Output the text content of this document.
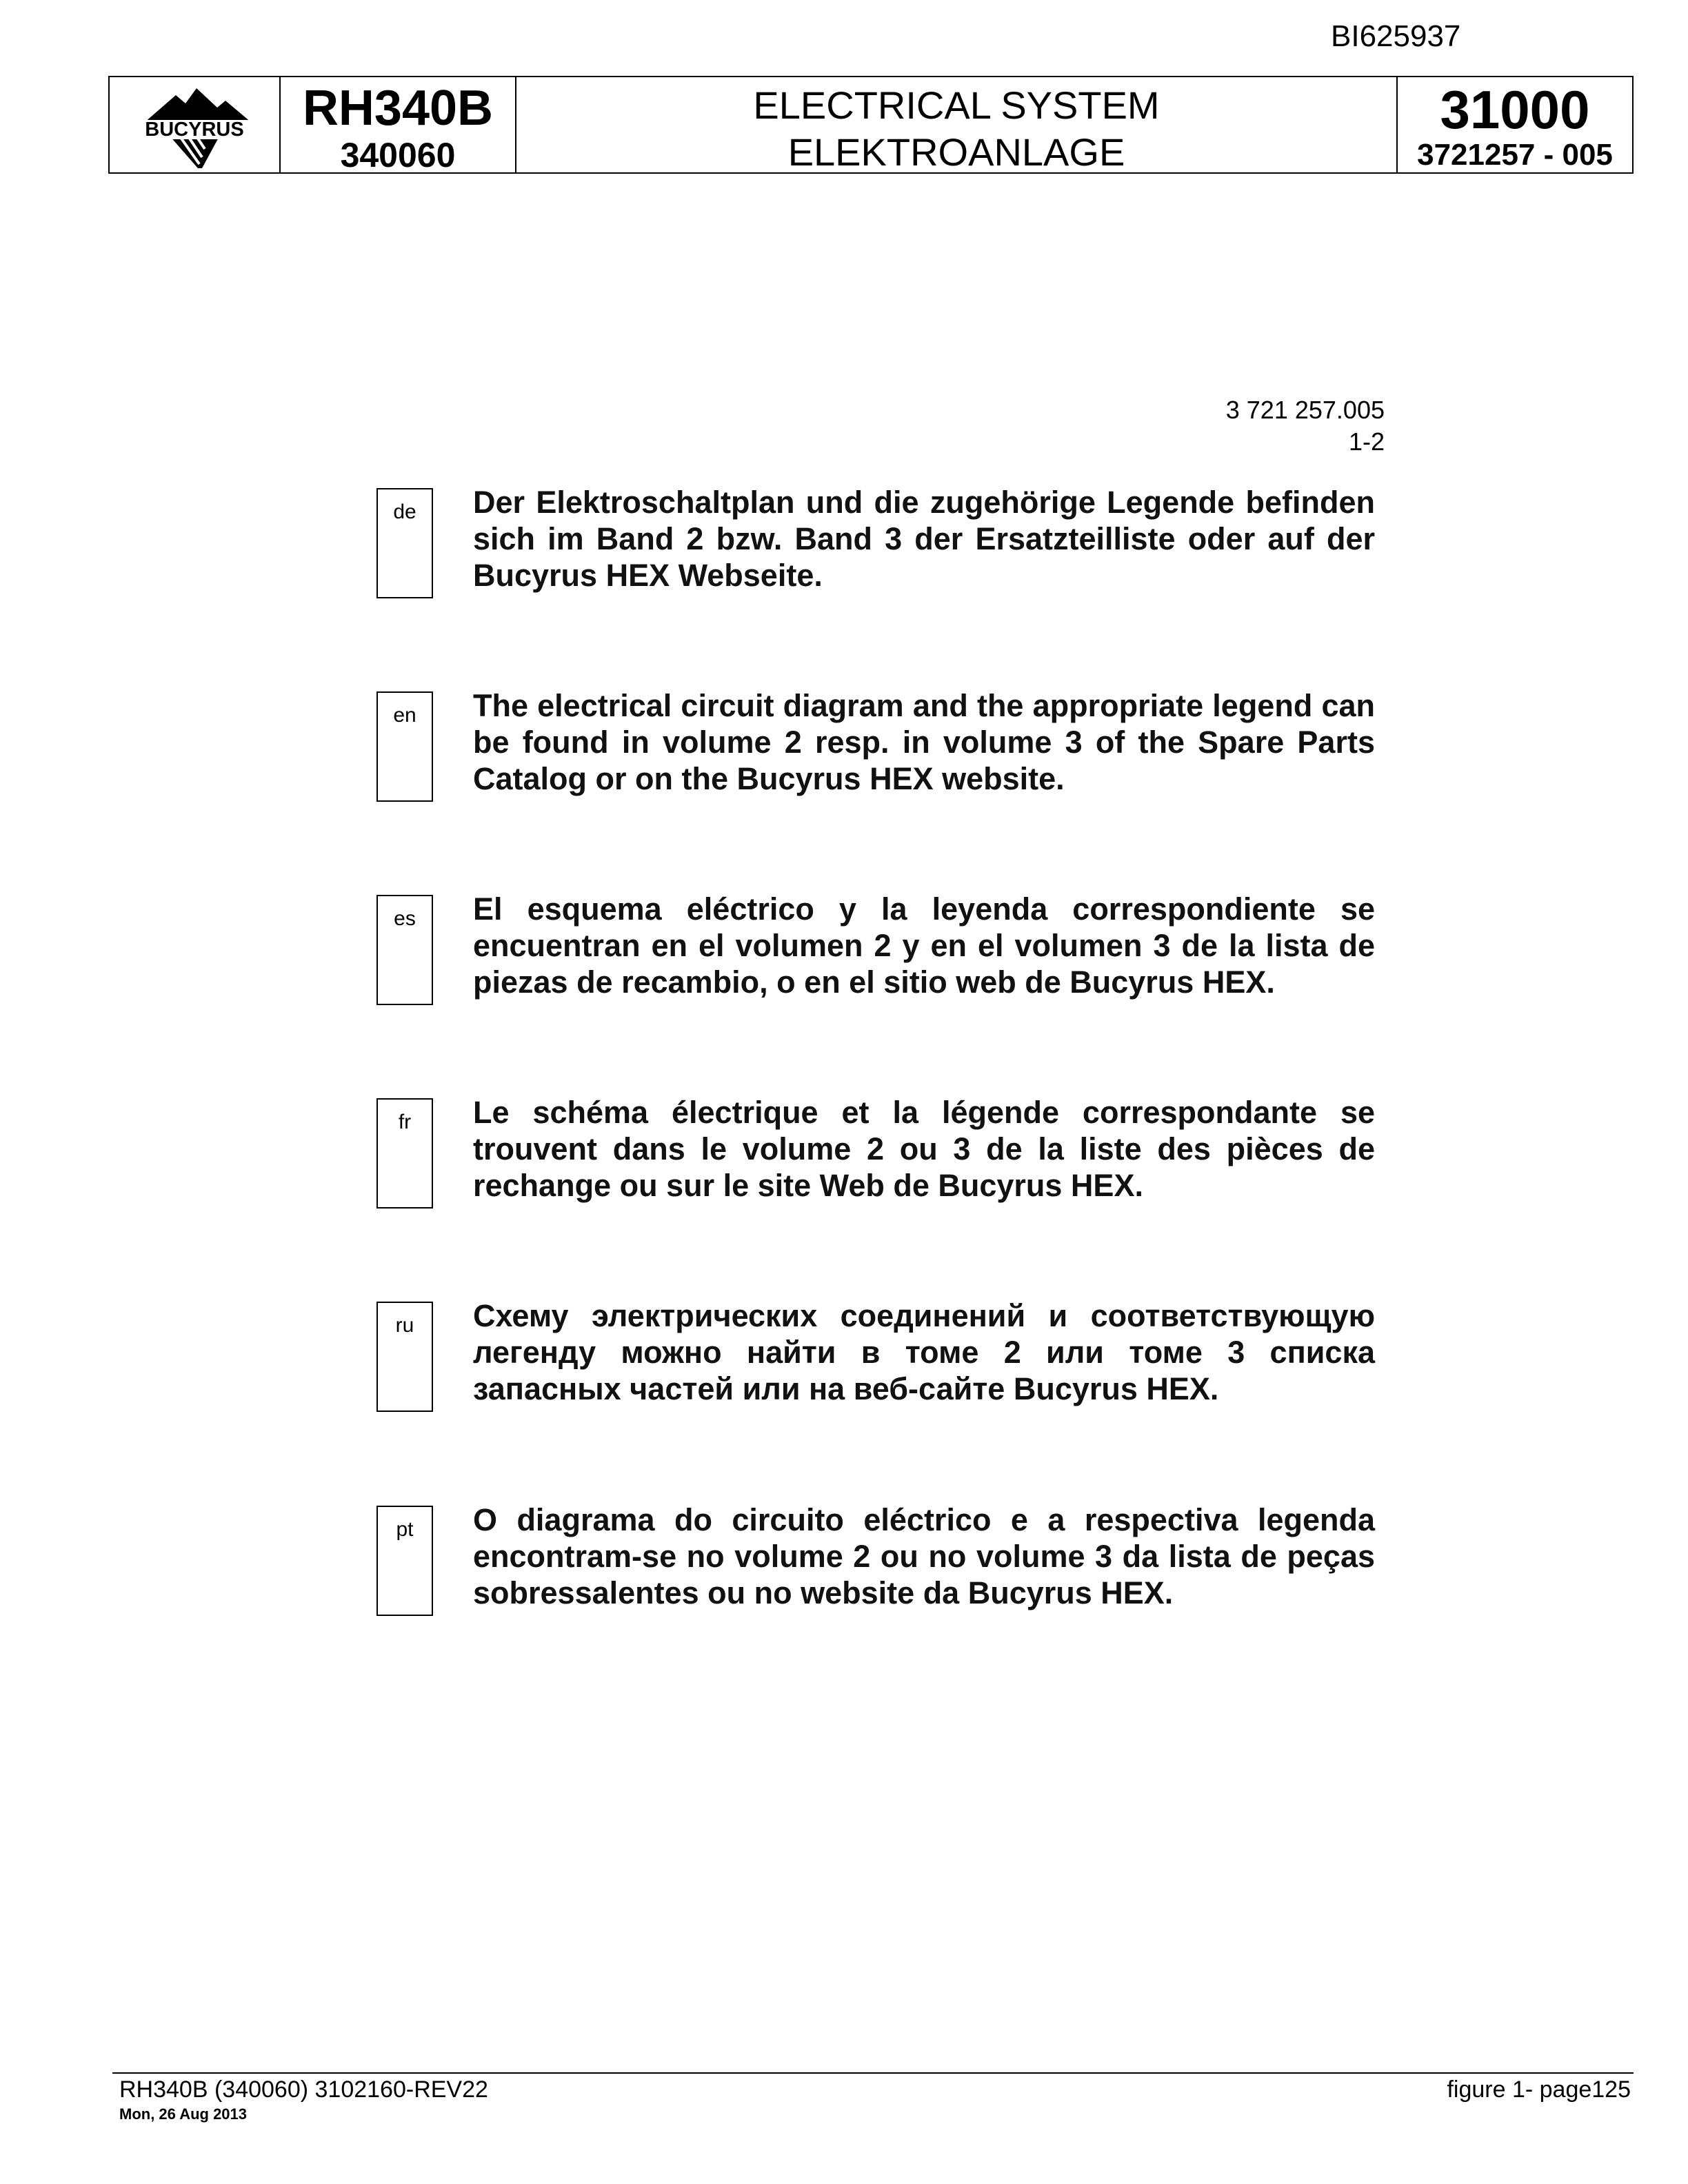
BI625937
BUCYRUS	RH340B
340060
ELECTRICAL SYSTEM
ELEKTROANLAGE
31000
3721257 - 005
3 721 257.005
1-2
de	Der Elektroschaltplan und die zugehörige Legende befinden sich im Band 2 bzw. Band 3 der Ersatzteilliste oder auf der Bucyrus HEX Webseite.
en	The electrical circuit diagram and the appropriate legend can be found in volume 2 resp. in volume 3 of the Spare Parts Catalog or on the Bucyrus HEX website.
es	El esquema eléctrico y la leyenda correspondiente se encuentran en el volumen 2 y en el volumen 3 de la lista de piezas de recambio, o en el sitio web de Bucyrus HEX.
fr	Le schéma électrique et la légende correspondante se trouvent dans le volume 2 ou 3 de la liste des pièces de rechange ou sur le site Web de Bucyrus HEX.
ru	Схему электрических соединений и соответствующую легенду можно найти в томе 2 или томе 3 списка запасных частей или на веб-сайте Bucyrus HEX.
pt	O diagrama do circuito eléctrico e a respectiva legenda encontram-se no volume 2 ou no volume 3 da lista de peças sobressalentes ou no website da Bucyrus HEX.
RH340B (340060) 3102160-REV22
Mon, 26 Aug 2013
figure 1- page125
